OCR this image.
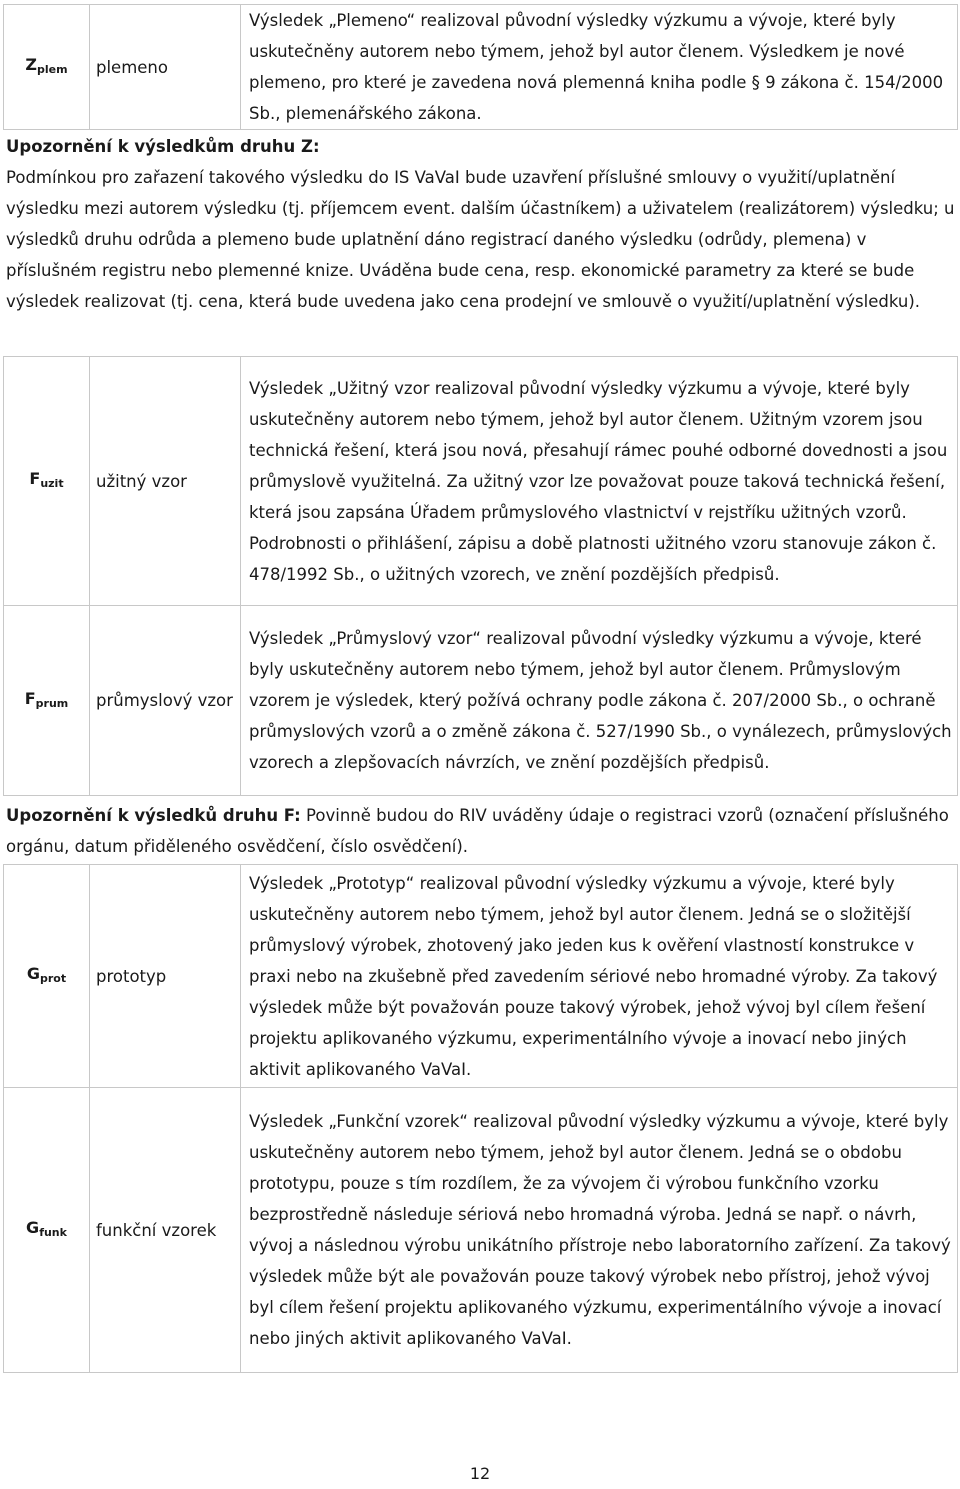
$Z_{plem}$	plemeno	Výsledek „Plemeno“ realizoval původní výsledky výzkumu a vývoje, které byly uskutečněny autorem nebo týmem, jehož byl autor členem. Výsledkem je nové plemeno, pro které je zavedena nová plemenná kniha podle § 9 zákona č. 154/2000 Sb., plemenářského zákona.
Upozornění k výsledkům druhu Z:
Podmínkou pro zařazení takového výsledku do IS VaVaI bude uzavření příslušné smlouvy o využití/uplatnění výsledku mezi autorem výsledku (tj. příjemcem event. dalším účastníkem) a uživatelem (realizátorem) výsledku; u výsledků druhu odrůda a plemeno bude uplatnění dáno registrací daného výsledku (odrůdy, plemena) v příslušném registru nebo plemenné knize. Uváděna bude cena, resp. ekonomické parametry za které se bude výsledek realizovat (tj. cena, která bude uvedena jako cena prodejní ve smlouvě o využití/uplatnění výsledku).
$F_{uzit}$	užitný vzor	Výsledek „Užitný vzor realizoval původní výsledky výzkumu a vývoje, které byly uskutečněny autorem nebo týmem, jehož byl autor členem. Užitným vzorem jsou technická řešení, která jsou nová, přesahují rámec pouhé odborné dovednosti a jsou průmyslově využitelná. Za užitný vzor lze považovat pouze taková technická řešení, která jsou zapsána Úřadem průmyslového vlastnictví v rejstříku užitných vzorů. Podrobnosti o přihlášení, zápisu a době platnosti užitného vzoru stanovuje zákon č. 478/1992 Sb., o užitných vzorech, ve znění pozdějších předpisů.
$F_{prum}$	průmyslový vzor	Výsledek „Průmyslový vzor“ realizoval původní výsledky výzkumu a vývoje, které byly uskutečněny autorem nebo týmem, jehož byl autor členem. Průmyslovým vzorem je výsledek, který požívá ochrany podle zákona č. 207/2000 Sb., o ochraně průmyslových vzorů a o změně zákona č. 527/1990 Sb., o vynálezech, průmyslových vzorech a zlepšovacích návrzích, ve znění pozdějších předpisů.
Upozornění k výsledků druhu F: Povinně budou do RIV uváděny údaje o registraci vzorů (označení příslušného orgánu, datum přiděleného osvědčení, číslo osvědčení).
$G_{prot}$	prototyp	Výsledek „Prototyp“ realizoval původní výsledky výzkumu a vývoje, které byly uskutečněny autorem nebo týmem, jehož byl autor členem. Jedná se o složitější průmyslový výrobek, zhotovený jako jeden kus k ověření vlastností konstrukce v praxi nebo na zkušebně před zavedením sériové nebo hromadné výroby. Za takový výsledek může být považován pouze takový výrobek, jehož vývoj byl cílem řešení projektu aplikovaného výzkumu, experimentálního vývoje a inovací nebo jiných aktivit aplikovaného VaVaI.
$G_{funk}$	funkční vzorek	Výsledek „Funkční vzorek“ realizoval původní výsledky výzkumu a vývoje, které byly uskutečněny autorem nebo týmem, jehož byl autor členem. Jedná se o obdobu prototypu, pouze s tím rozdílem, že za vývojem či výrobou funkčního vzorku bezprostředně následuje sériová nebo hromadná výroba. Jedná se např. o návrh, vývoj a následnou výrobu unikátního přístroje nebo laboratorního zařízení. Za takový výsledek může být ale považován pouze takový výrobek nebo přístroj, jehož vývoj byl cílem řešení projektu aplikovaného výzkumu, experimentálního vývoje a inovací nebo jiných aktivit aplikovaného VaVaI.
12
